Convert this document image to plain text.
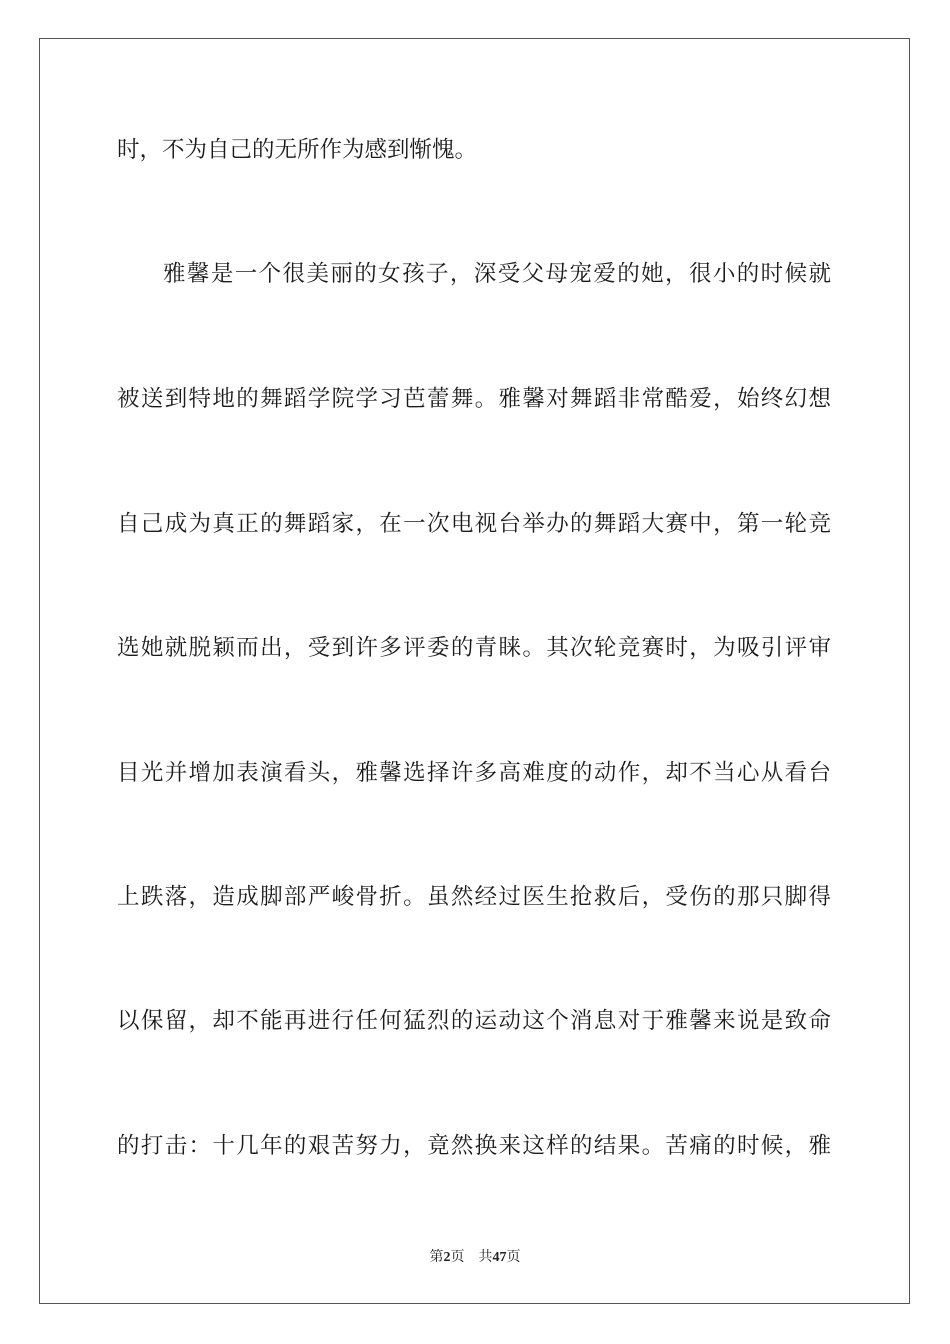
时，不为自己的无所作为感到惭愧。
雅馨是一个很美丽的女孩子，深受父母宠爱的她，很小的时候就
被送到特地的舞蹈学院学习芭蕾舞。雅馨对舞蹈非常酷爱，始终幻想
自己成为真正的舞蹈家，在一次电视台举办的舞蹈大赛中，第一轮竞
选她就脱颖而出，受到许多评委的青睐。其次轮竞赛时，为吸引评审
目光并增加表演看头，雅馨选择许多高难度的动作，却不当心从看台
上跌落，造成脚部严峻骨折。虽然经过医生抢救后，受伤的那只脚得
以保留，却不能再进行任何猛烈的运动这个消息对于雅馨来说是致命
的打击：十几年的艰苦努力，竟然换来这样的结果。苦痛的时候，雅
第2页 共47页
